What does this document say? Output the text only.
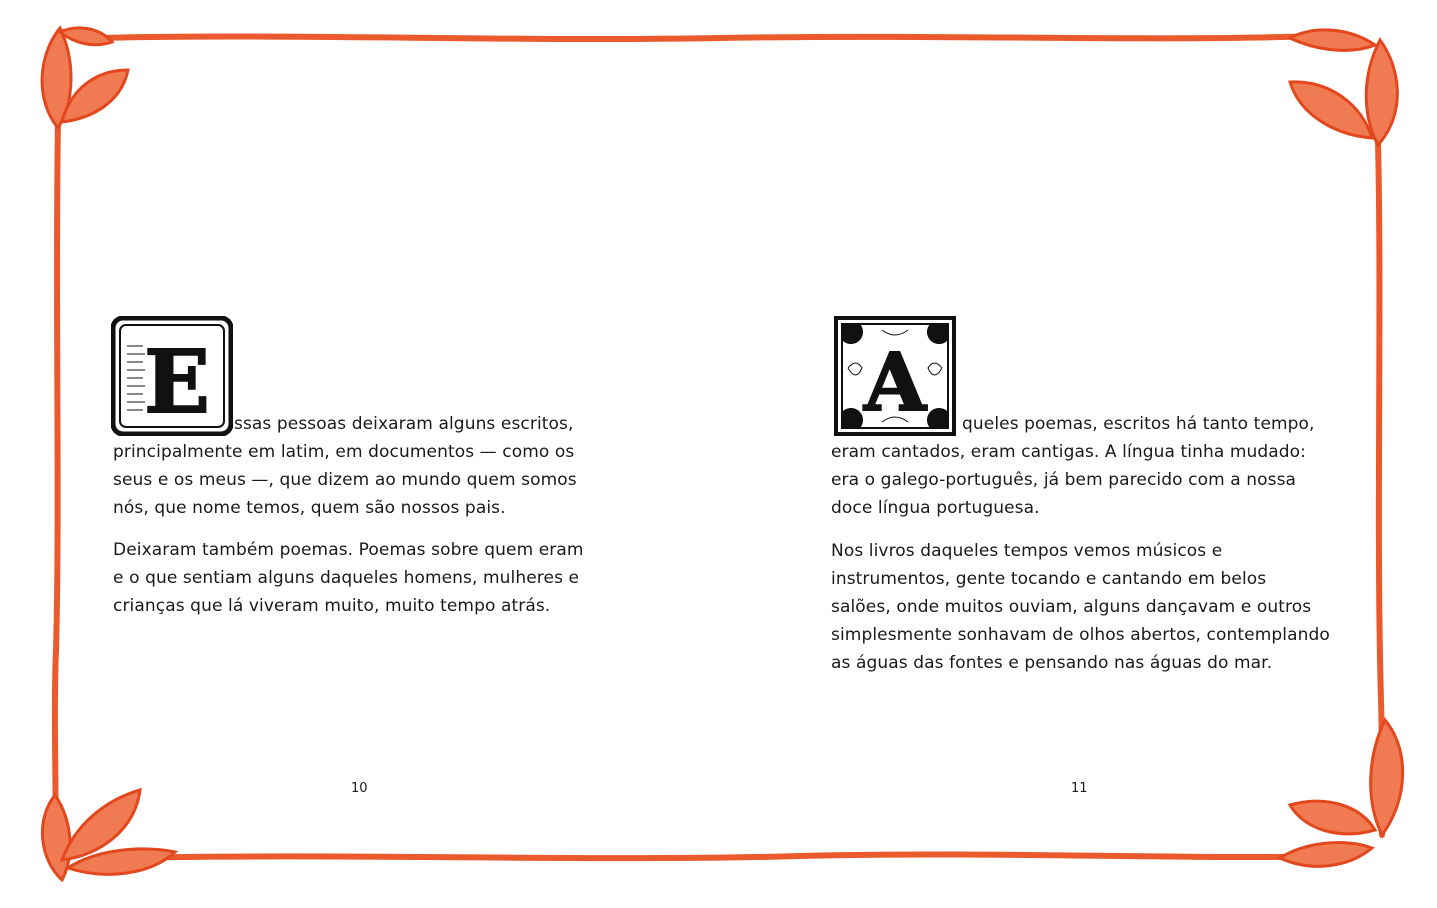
E	ssas pessoas deixaram alguns escritos,
principalmente em latim, em documentos — como os
seus e os meus —, que dizem ao mundo quem somos
nós, que nome temos, quem são nossos pais.
Deixaram também poemas. Poemas sobre quem eram
e o que sentiam alguns daqueles homens, mulheres e
crianças que lá viveram muito, muito tempo atrás.
10
A	queles poemas, escritos há tanto tempo,
eram cantados, eram cantigas. A língua tinha mudado:
era o galego-português, já bem parecido com a nossa
doce língua portuguesa.
Nos livros daqueles tempos vemos músicos e
instrumentos, gente tocando e cantando em belos
salões, onde muitos ouviam, alguns dançavam e outros
simplesmente sonhavam de olhos abertos, contemplando
as águas das fontes e pensando nas águas do mar.
11
